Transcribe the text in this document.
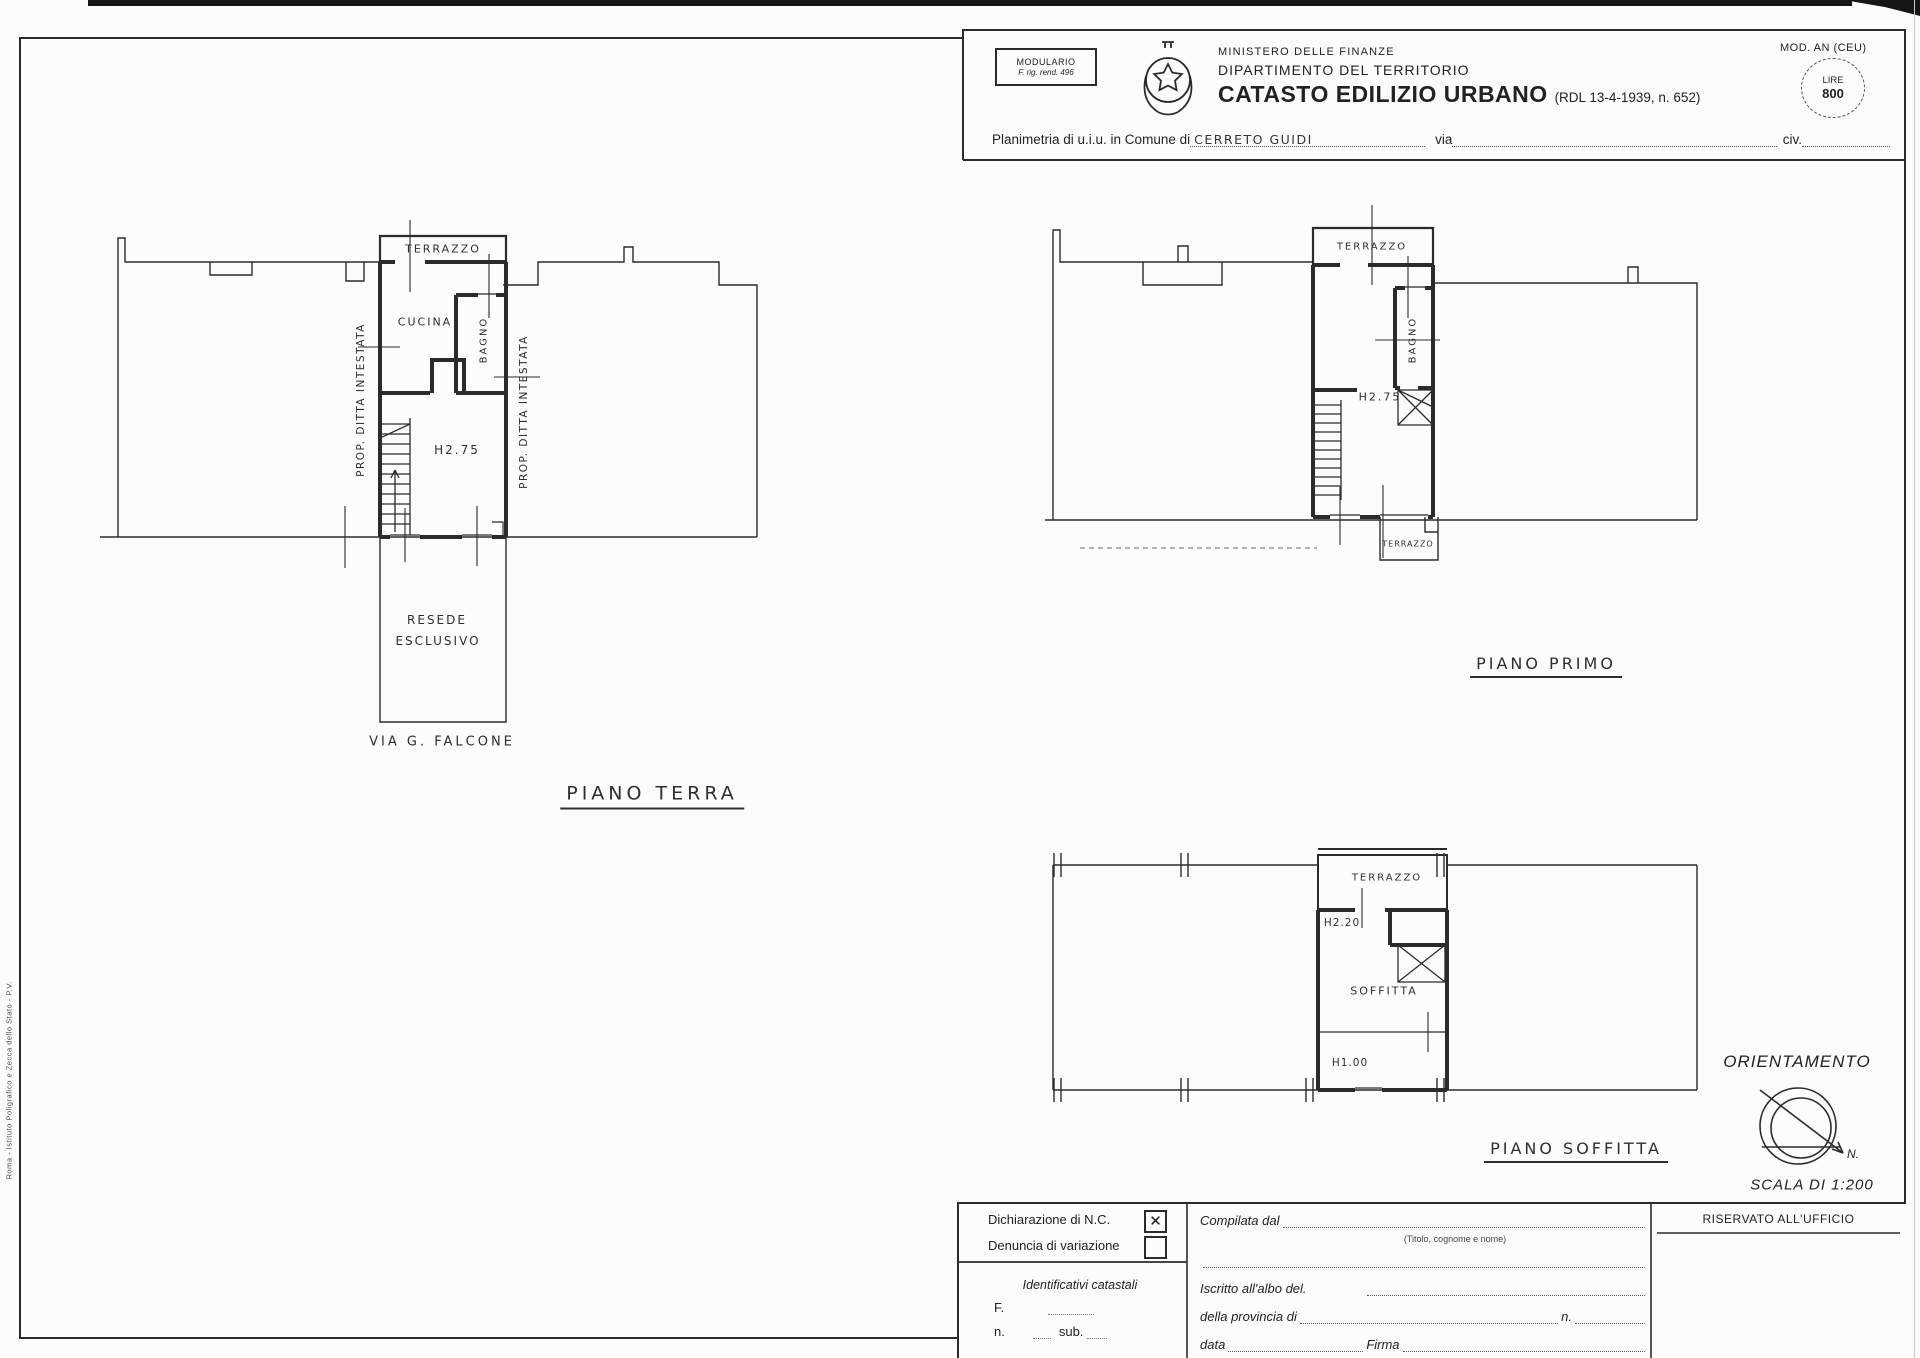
MODULARIO
F. rig. rend. 496
MINISTERO DELLE FINANZE
DIPARTIMENTO DEL TERRITORIO
CATASTO EDILIZIO URBANO (RDL 13-4-1939, n. 652)
MOD. AN (CEU)
LIRE
800
Planimetria di u.i.u. in Comune di CERRETO GUIDI	via	civ.
TERRAZZO
CUCINA	BAGNO
H2.75
PROP. DITTA INTESTATA	PROP. DITTA INTESTATA
RESEDE
ESCLUSIVO
VIA G. FALCONE
PIANO TERRA
TERRAZZO
BAGNO
H2.75
TERRAZZO
PIANO PRIMO
TERRAZZO
H2.20
SOFFITTA
H1.00
PIANO SOFFITTA
ORIENTAMENTO
N.
SCALA DI 1:200
Dichiarazione di N.C.	✕
Denuncia di variazione
Identificativi catastali
F.
n.	sub.
Compilata dal
(Titolo, cognome e nome)
Iscritto all'albo del.
della provincia di	n.
data	Firma
RISERVATO ALL'UFFICIO
Roma - Istituto Poligrafico e Zecca dello Stato - P.V.
